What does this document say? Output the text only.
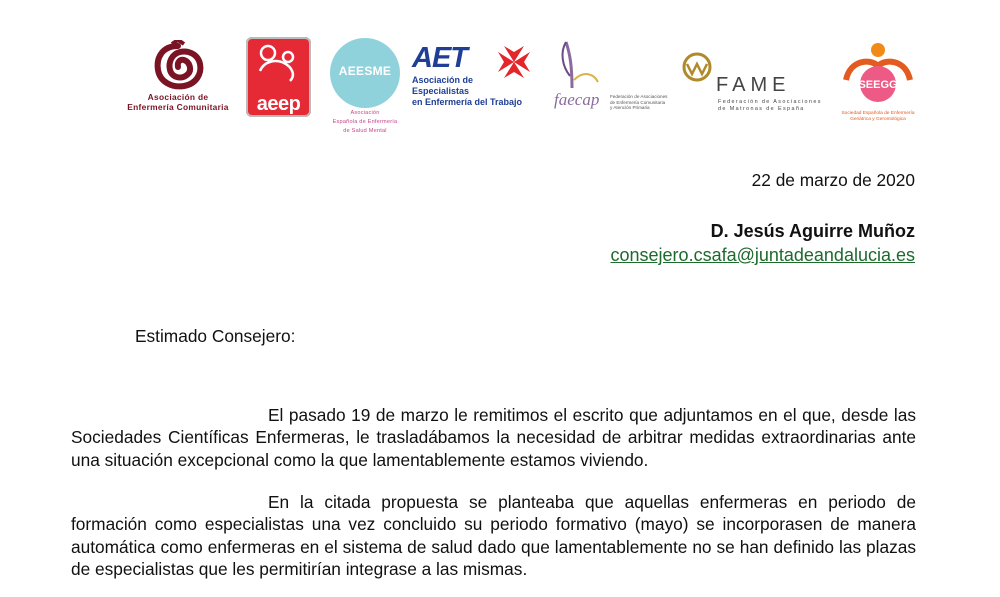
Asociación de
Enfermería Comunitaria	aeep
AEESME
Asociación
Española de Enfermería
de Salud Mental
AET
Asociación de Especialistas
en Enfermería del Trabajo	faecap Federación de Asociaciones
de Enfermería Comunitaria
y Atención Primaria
FAME
Federación de Asociaciones
de Matronas de España
SEEGG
Sociedad Española de Enfermería
Geriátrica y Gerontológica
22 de marzo de 2020
D. Jesús Aguirre Muñoz
consejero.csafa@juntadeandalucia.es
Estimado Consejero:

El pasado 19 de marzo le remitimos el escrito que adjuntamos en el que, desde las Sociedades Científicas Enfermeras, le trasladábamos la necesidad de arbitrar medidas extraordinarias ante una situación excepcional como la que lamentablemente estamos viviendo.

En la citada propuesta se planteaba que aquellas enfermeras en periodo de formación como especialistas una vez concluido su periodo formativo (mayo) se incorporasen de manera automática como enfermeras en el sistema de salud dado que lamentablemente no se han definido las plazas de especialistas que les permitirían integrase a las mismas.
